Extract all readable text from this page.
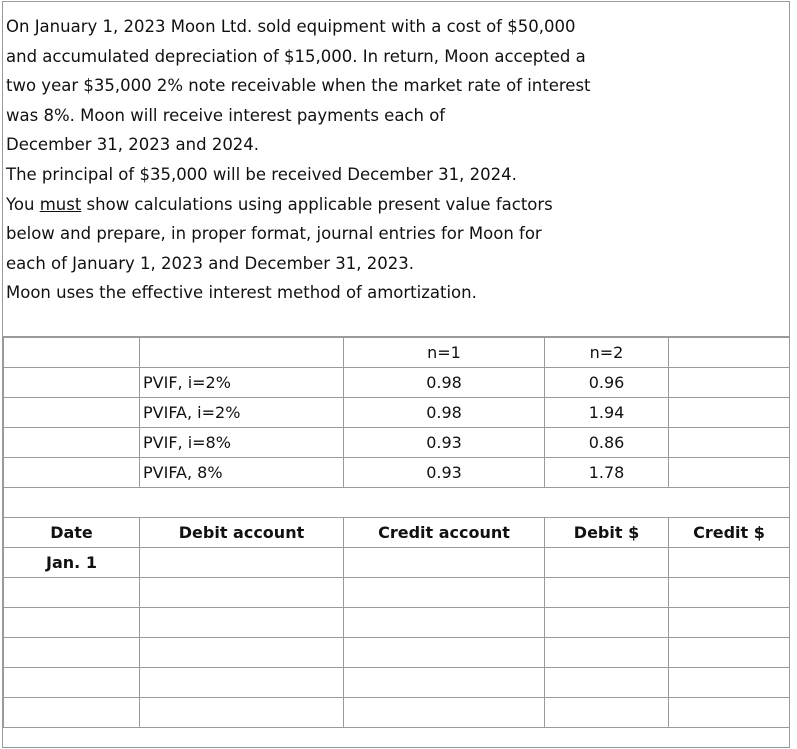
On January 1, 2023 Moon Ltd. sold equipment with a cost of $50,000

and accumulated depreciation of $15,000. In return, Moon accepted a

two year $35,000 2% note receivable when the market rate of interest

was 8%. Moon will receive interest payments each of

December 31, 2023 and 2024.

The principal of $35,000 will be received December 31, 2024.

You must show calculations using applicable present value factors

below and prepare, in proper format, journal entries for Moon for

each of January 1, 2023 and December 31, 2023.

Moon uses the effective interest method of amortization.

		n=1	n=2	
	PVIF, i=2%	0.98	0.96	
	PVIFA, i=2%	0.98	1.94	
	PVIF, i=8%	0.93	0.86	
	PVIFA, 8%	0.93	1.78	

Date	Debit account	Credit account	Debit $	Credit $
Jan. 1				
